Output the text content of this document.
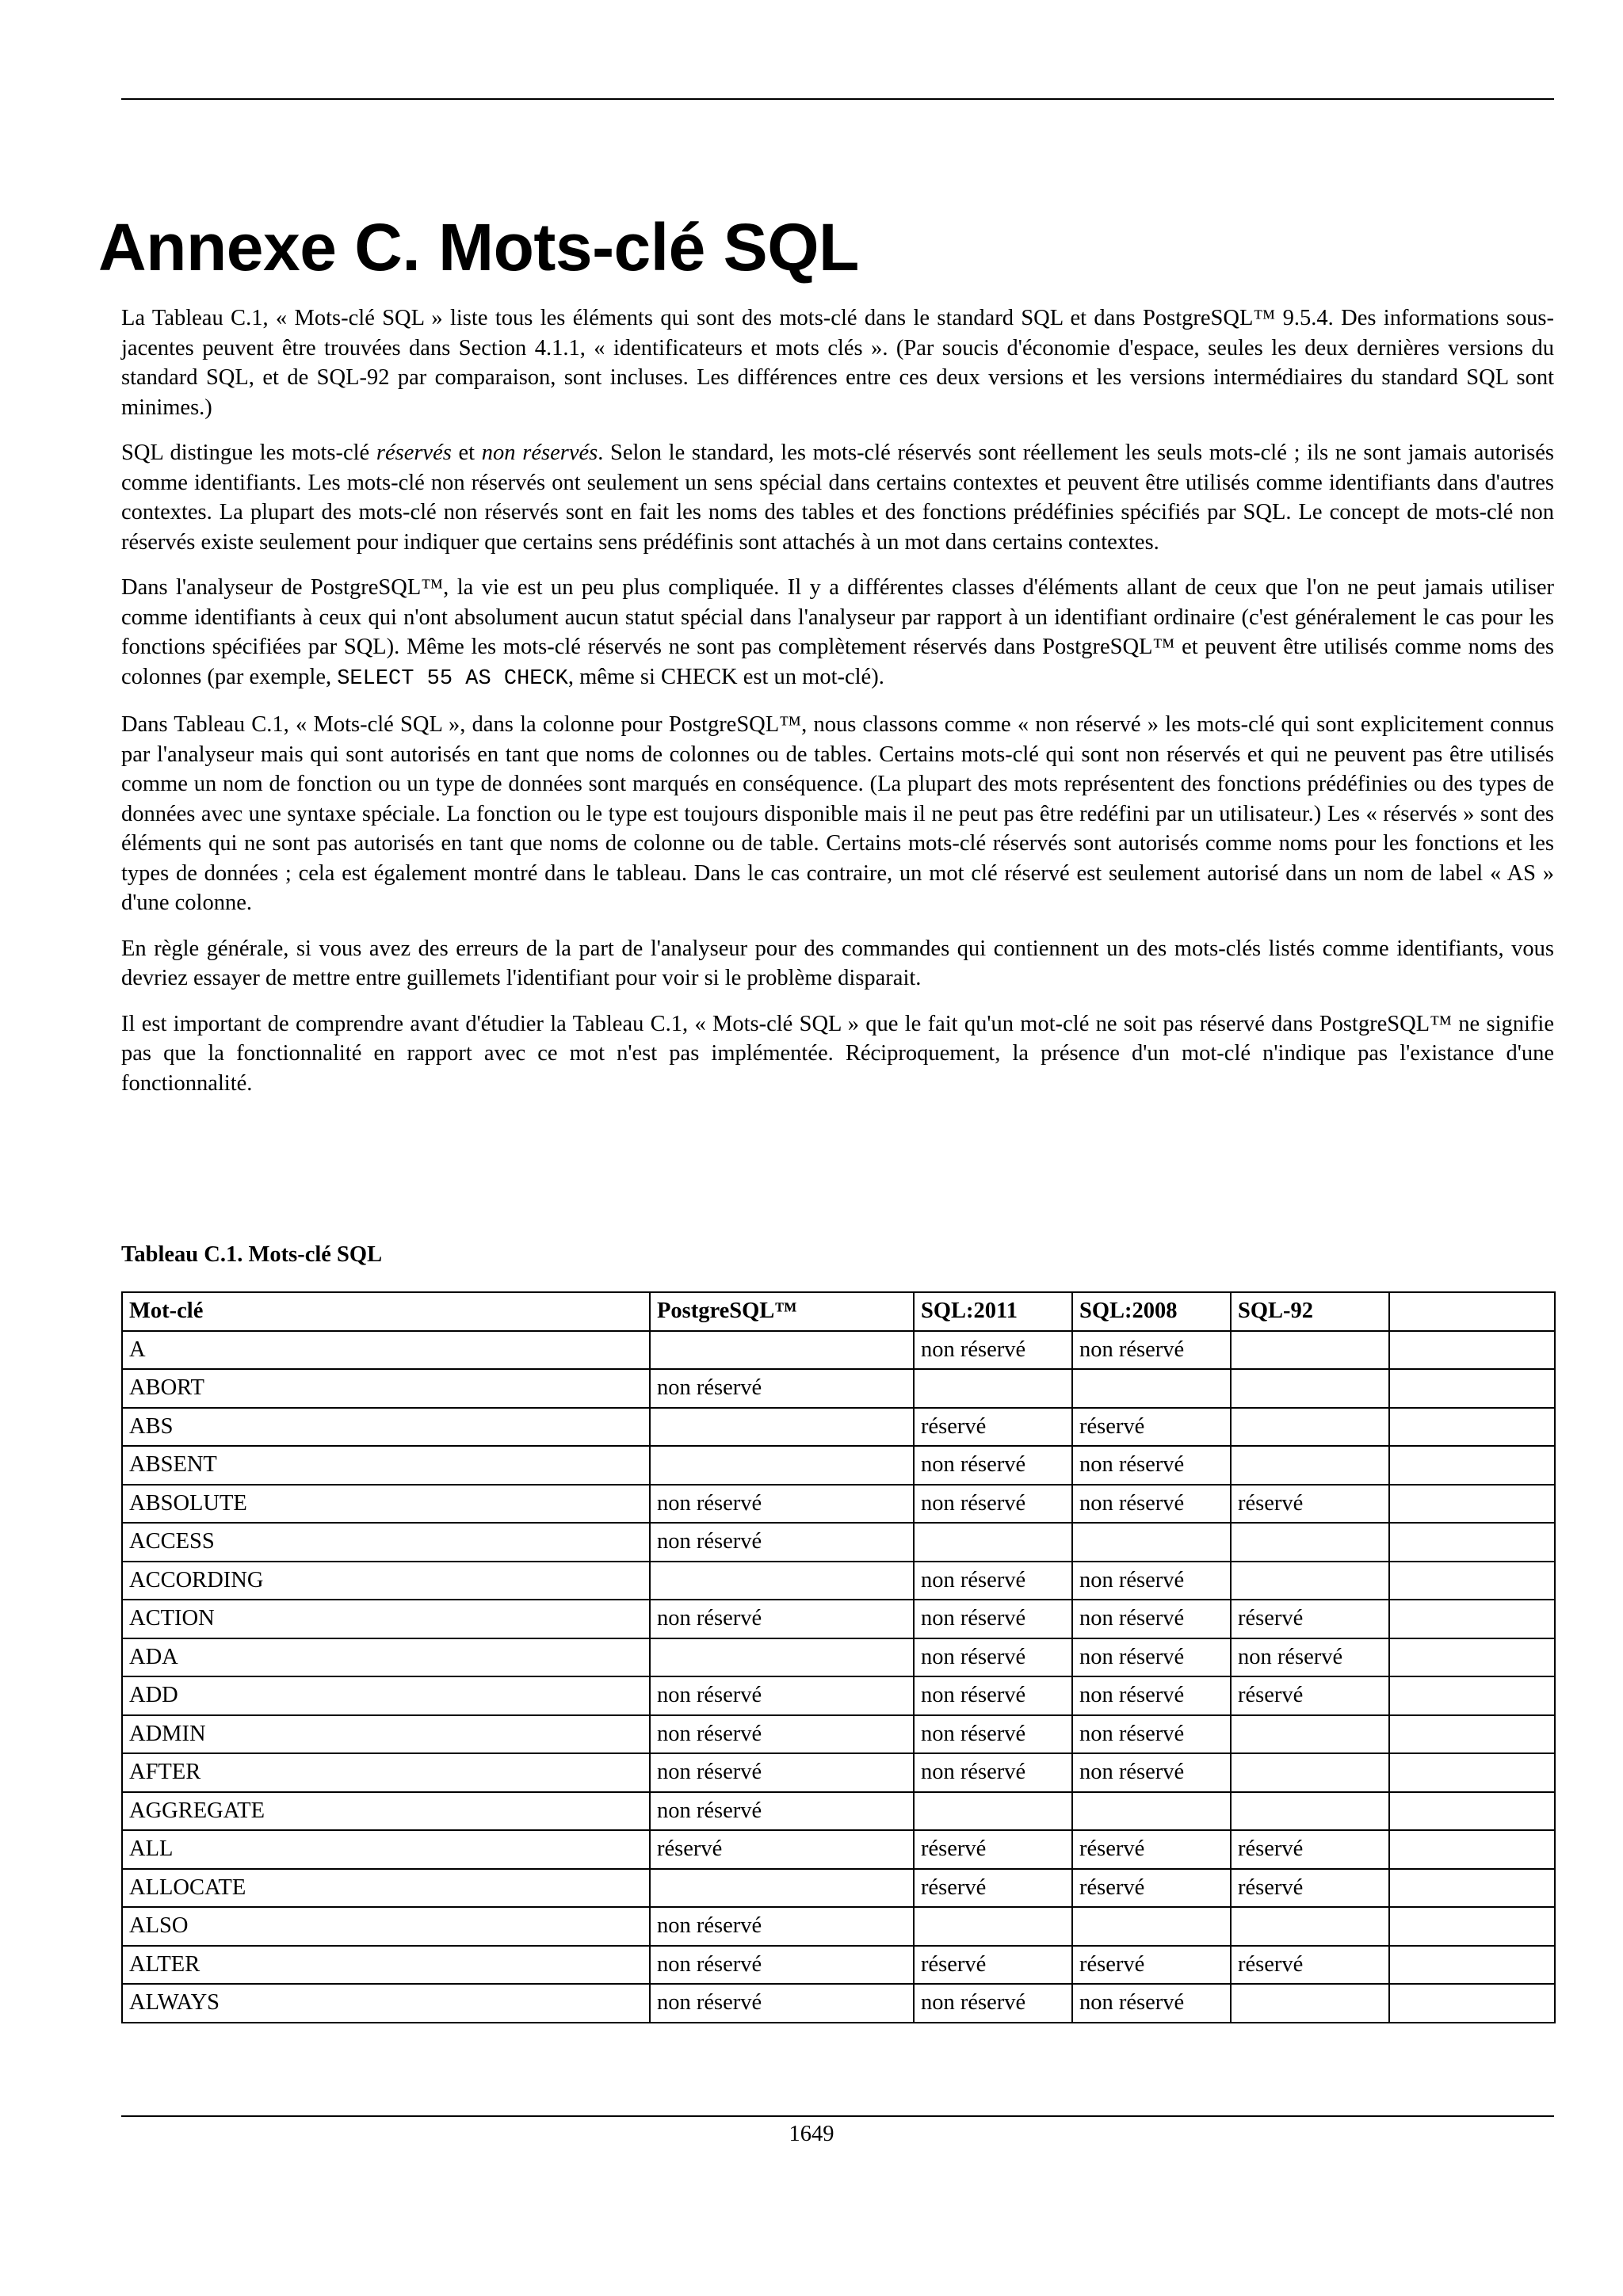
Annexe C. Mots-clé SQL

La Tableau C.1, « Mots-clé SQL » liste tous les éléments qui sont des mots-clé dans le standard SQL et dans PostgreSQL™ 9.5.4. Des informations sous-jacentes peuvent être trouvées dans Section 4.1.1, « identificateurs et mots clés ». (Par soucis d'économie d'espace, seules les deux dernières versions du standard SQL, et de SQL-92 par comparaison, sont incluses. Les différences entre ces deux versions et les versions intermédiaires du standard SQL sont minimes.)

SQL distingue les mots-clé réservés et non réservés. Selon le standard, les mots-clé réservés sont réellement les seuls mots-clé ; ils ne sont jamais autorisés comme identifiants. Les mots-clé non réservés ont seulement un sens spécial dans certains contextes et peuvent être utilisés comme identifiants dans d'autres contextes. La plupart des mots-clé non réservés sont en fait les noms des tables et des fonctions prédéfinies spécifiés par SQL. Le concept de mots-clé non réservés existe seulement pour indiquer que certains sens prédéfinis sont attachés à un mot dans certains contextes.

Dans l'analyseur de PostgreSQL™, la vie est un peu plus compliquée. Il y a différentes classes d'éléments allant de ceux que l'on ne peut jamais utiliser comme identifiants à ceux qui n'ont absolument aucun statut spécial dans l'analyseur par rapport à un identifiant ordinaire (c'est généralement le cas pour les fonctions spécifiées par SQL). Même les mots-clé réservés ne sont pas complètement réservés dans PostgreSQL™ et peuvent être utilisés comme noms des colonnes (par exemple, SELECT 55 AS CHECK, même si CHECK est un mot-clé).

Dans Tableau C.1, « Mots-clé SQL », dans la colonne pour PostgreSQL™, nous classons comme « non réservé » les mots-clé qui sont explicitement connus par l'analyseur mais qui sont autorisés en tant que noms de colonnes ou de tables. Certains mots-clé qui sont non réservés et qui ne peuvent pas être utilisés comme un nom de fonction ou un type de données sont marqués en conséquence. (La plupart des mots représentent des fonctions prédéfinies ou des types de données avec une syntaxe spéciale. La fonction ou le type est toujours disponible mais il ne peut pas être redéfini par un utilisateur.) Les « réservés » sont des éléments qui ne sont pas autorisés en tant que noms de colonne ou de table. Certains mots-clé réservés sont autorisés comme noms pour les fonctions et les types de données ; cela est également montré dans le tableau. Dans le cas contraire, un mot clé réservé est seulement autorisé dans un nom de label « AS » d'une colonne.

En règle générale, si vous avez des erreurs de la part de l'analyseur pour des commandes qui contiennent un des mots-clés listés comme identifiants, vous devriez essayer de mettre entre guillemets l'identifiant pour voir si le problème disparait.

Il est important de comprendre avant d'étudier la Tableau C.1, « Mots-clé SQL » que le fait qu'un mot-clé ne soit pas réservé dans PostgreSQL™ ne signifie pas que la fonctionnalité en rapport avec ce mot n'est pas implémentée. Réciproquement, la présence d'un mot-clé n'indique pas l'existance d'une fonctionnalité.

Tableau C.1. Mots-clé SQL
Mot-clé	PostgreSQL™	SQL:2011	SQL:2008	SQL-92	
A		non réservé	non réservé		
ABORT	non réservé				
ABS		réservé	réservé		
ABSENT		non réservé	non réservé		
ABSOLUTE	non réservé	non réservé	non réservé	réservé	
ACCESS	non réservé				
ACCORDING		non réservé	non réservé		
ACTION	non réservé	non réservé	non réservé	réservé	
ADA		non réservé	non réservé	non réservé	
ADD	non réservé	non réservé	non réservé	réservé	
ADMIN	non réservé	non réservé	non réservé		
AFTER	non réservé	non réservé	non réservé		
AGGREGATE	non réservé				
ALL	réservé	réservé	réservé	réservé	
ALLOCATE		réservé	réservé	réservé	
ALSO	non réservé				
ALTER	non réservé	réservé	réservé	réservé	
ALWAYS	non réservé	non réservé	non réservé		
1649
